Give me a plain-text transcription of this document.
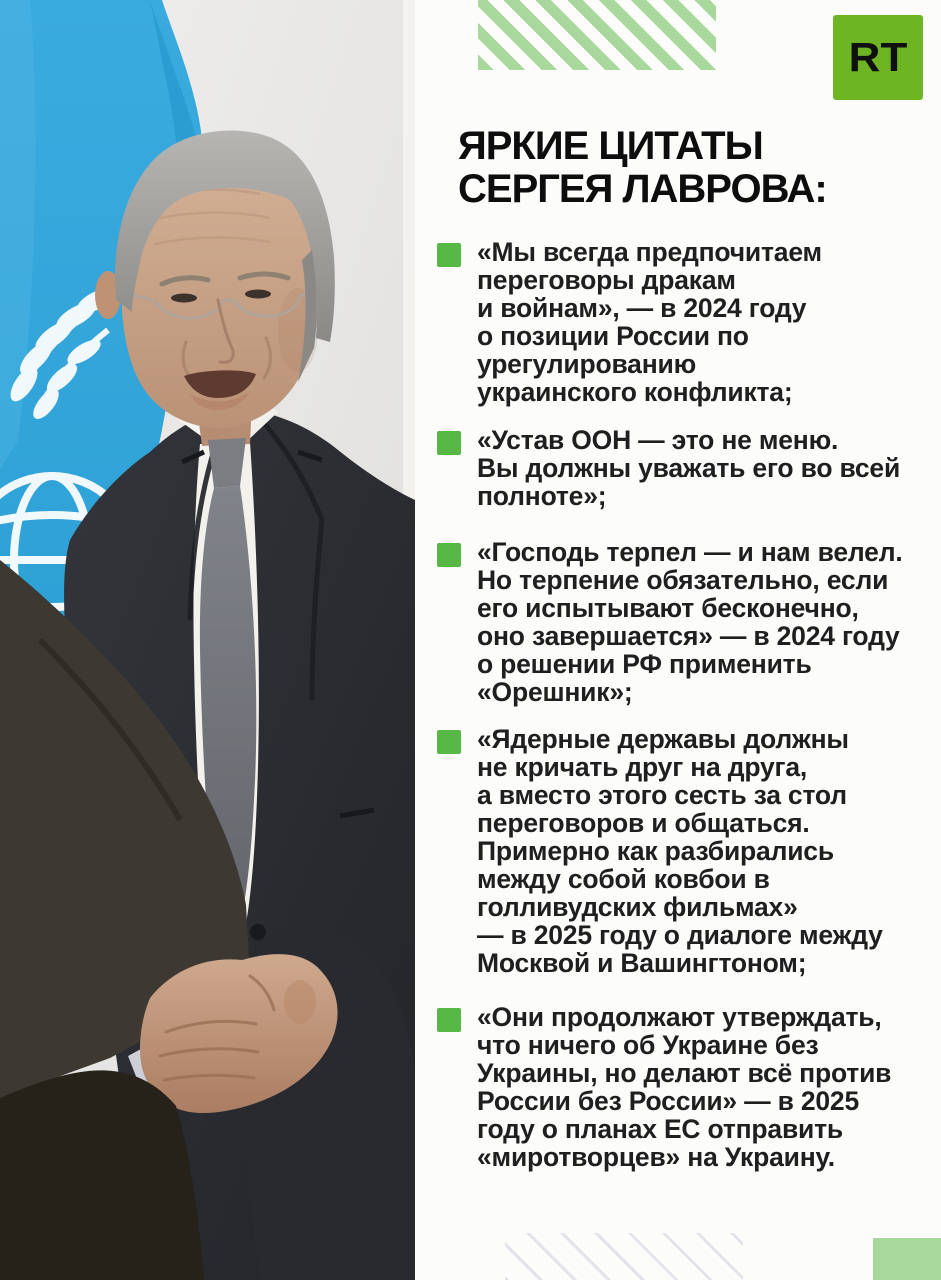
RT
ЯРКИЕ ЦИТАТЫ
СЕРГЕЯ ЛАВРОВА:
«Мы всегда предпочитаем
переговоры дракам
и войнам», — в 2024 году
о позиции России по
урегулированию
украинского конфликта;
«Устав ООН — это не меню.
Вы должны уважать его во всей
полноте»;
«Господь терпел — и нам велел.
Но терпение обязательно, если
его испытывают бесконечно,
оно завершается» — в 2024 году
о решении РФ применить
«Орешник»;
«Ядерные державы должны
не кричать друг на друга,
а вместо этого сесть за стол
переговоров и общаться.
Примерно как разбирались
между собой ковбои в
голливудских фильмах»
— в 2025 году о диалоге между
Москвой и Вашингтоном;
«Они продолжают утверждать,
что ничего об Украине без
Украины, но делают всё против
России без России» — в 2025
году о планах ЕС отправить
«миротворцев» на Украину.
